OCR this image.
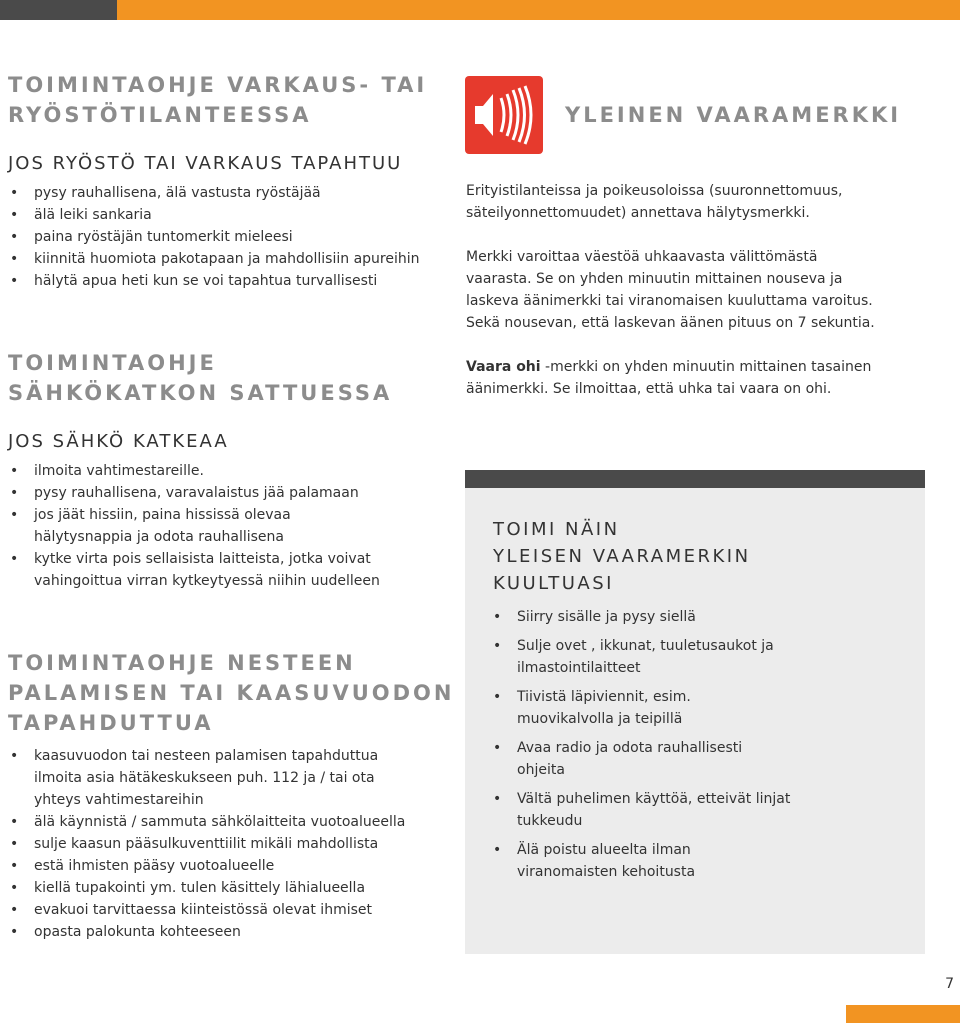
TOIMINTAOHJE VARKAUS- TAI
RYÖSTÖTILANTEESSA
JOS RYÖSTÖ TAI VARKAUS TAPAHTUU
• pysy rauhallisena, älä vastusta ryöstäjää
• älä leiki sankaria
• paina ryöstäjän tuntomerkit mieleesi
• kiinnitä huomiota pakotapaan ja mahdollisiin apureihin
• hälytä apua heti kun se voi tapahtua turvallisesti
TOIMINTAOHJE
SÄHKÖKATKON SATTUESSA
JOS SÄHKÖ KATKEAA
• ilmoita vahtimestareille.
• pysy rauhallisena, varavalaistus jää palamaan
• jos jäät hissiin, paina hississä olevaa hälytysnappia ja odota rauhallisena
• kytke virta pois sellaisista laitteista, jotka voivat vahingoittua virran kytkeytyessä niihin uudelleen
TOIMINTAOHJE NESTEEN
PALAMISEN TAI KAASUVUODON
TAPAHDUTTUA
• kaasuvuodon tai nesteen palamisen tapahduttua ilmoita asia hätäkeskukseen puh. 112 ja / tai ota yhteys vahtimestareihin
• älä käynnistä / sammuta sähkölaitteita vuotoalueella
• sulje kaasun pääsulkuventtiilit mikäli mahdollista
• estä ihmisten pääsy vuotoalueelle
• kiellä tupakointi ym. tulen käsittely lähialueella
• evakuoi tarvittaessa kiinteistössä olevat ihmiset
• opasta palokunta kohteeseen
YLEINEN VAARAMERKKI

Erityistilanteissa ja poikeusoloissa (suuronnettomuus, säteilyonnettomuudet) annettava hälytysmerkki.

Merkki varoittaa väestöä uhkaavasta välittömästä vaarasta. Se on yhden minuutin mittainen nouseva ja laskeva äänimerkki tai viranomaisen kuuluttama varoitus. Sekä nousevan, että laskevan äänen pituus on 7 sekuntia.

Vaara ohi -merkki on yhden minuutin mittainen tasainen äänimerkki. Se ilmoittaa, että uhka tai vaara on ohi.

TOIMI NÄIN
YLEISEN VAARAMERKIN
KUULTUASI
• Siirry sisälle ja pysy siellä
• Sulje ovet , ikkunat, tuuletusaukot ja ilmastointilaitteet
• Tiivistä läpiviennit, esim. muovikalvolla ja teipillä
• Avaa radio ja odota rauhallisesti ohjeita
• Vältä puhelimen käyttöä, etteivät linjat tukkeudu
• Älä poistu alueelta ilman viranomaisten kehoitusta
7
